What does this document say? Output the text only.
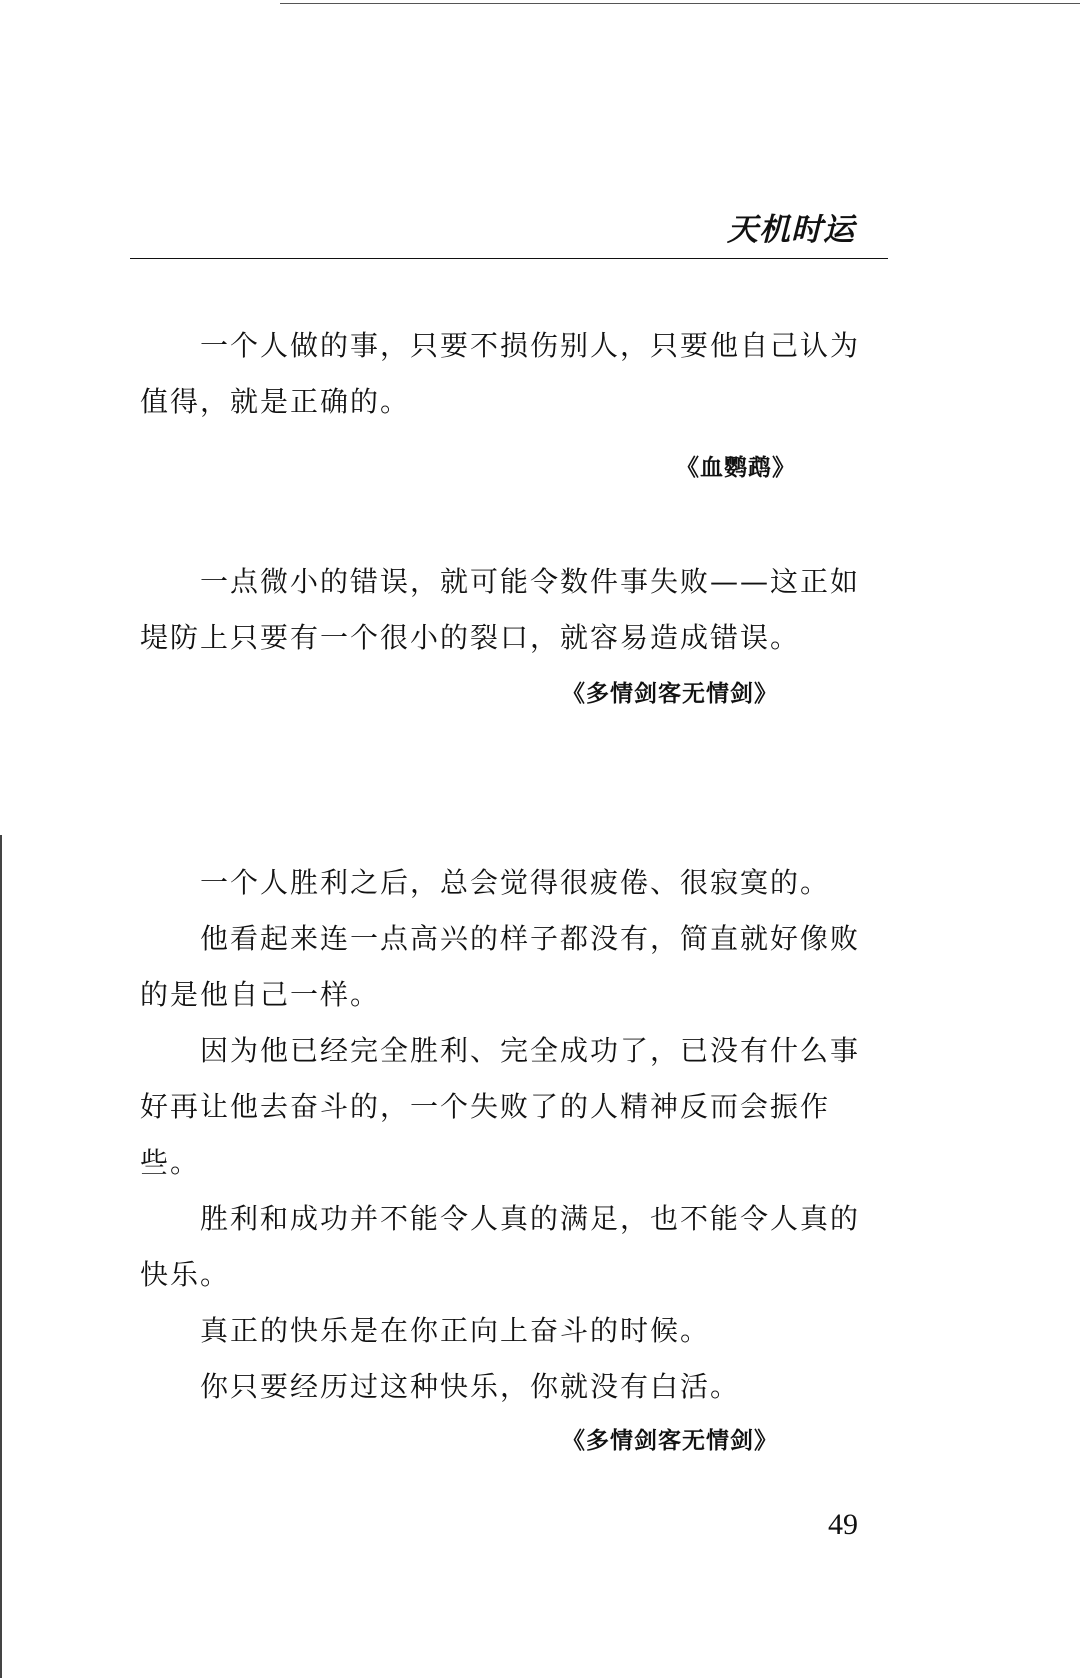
天机时运

一个人做的事，只要不损伤别人，只要他自己认为值得，就是正确的。

《血鹦鹉》

一点微小的错误，就可能令数件事失败——这正如堤防上只要有一个很小的裂口，就容易造成错误。

《多情剑客无情剑》

一个人胜利之后，总会觉得很疲倦、很寂寞的。

他看起来连一点高兴的样子都没有，简直就好像败的是他自己一样。

因为他已经完全胜利、完全成功了，已没有什么事好再让他去奋斗的，一个失败了的人精神反而会振作些。

胜利和成功并不能令人真的满足，也不能令人真的快乐。

真正的快乐是在你正向上奋斗的时候。

你只要经历过这种快乐，你就没有白活。

《多情剑客无情剑》

49
